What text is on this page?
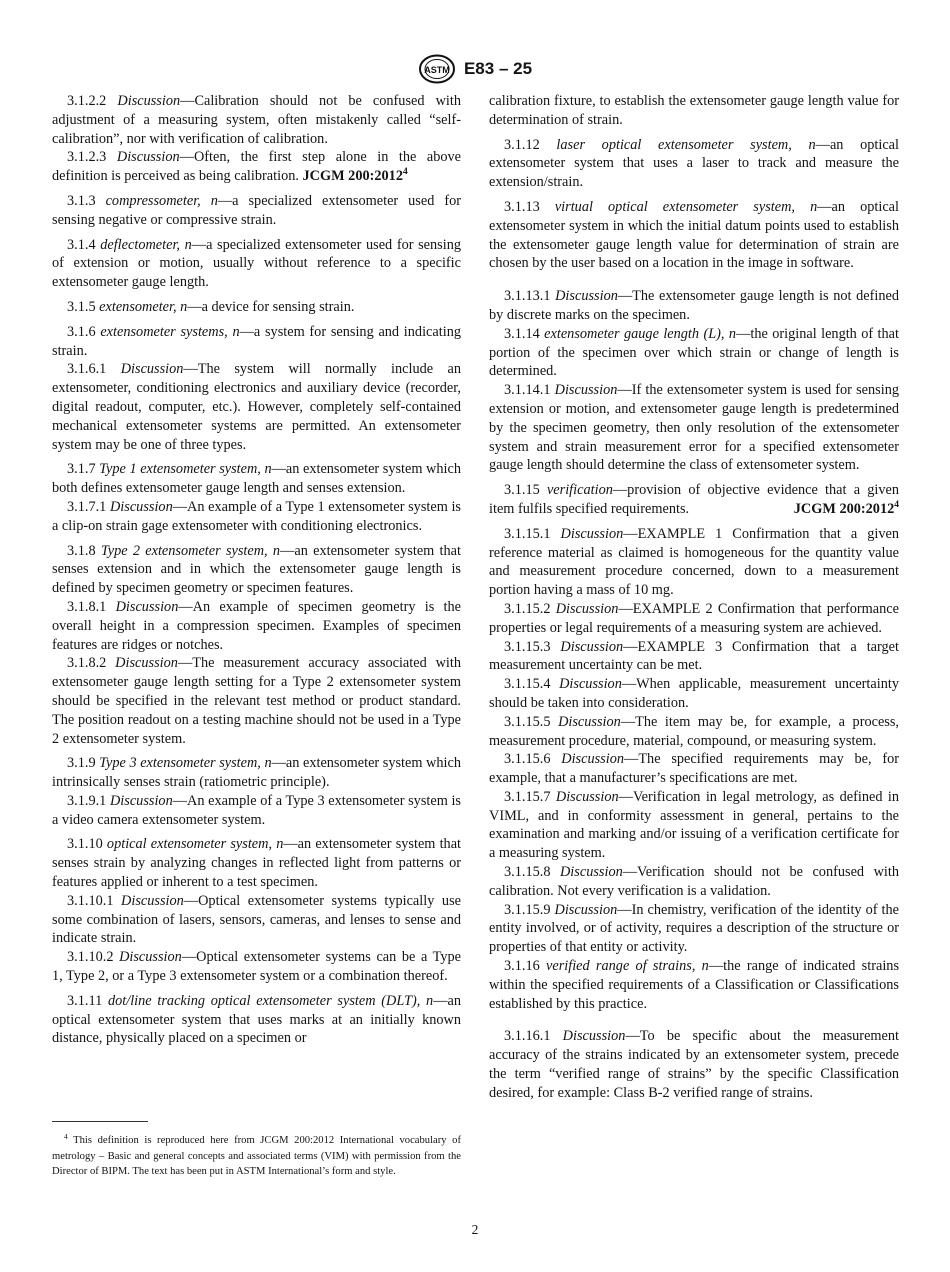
ASTM E83 – 25

3.1.2.2 Discussion—Calibration should not be confused with adjustment of a measuring system, often mistakenly called “self-calibration”, nor with verification of calibration.

3.1.2.3 Discussion—Often, the first step alone in the above definition is perceived as being calibration. JCGM 200:2012$^4$

3.1.3 compressometer, n—a specialized extensometer used for sensing negative or compressive strain.

3.1.4 deflectometer, n—a specialized extensometer used for sensing of extension or motion, usually without reference to a specific extensometer gauge length.

3.1.5 extensometer, n—a device for sensing strain.

3.1.6 extensometer systems, n—a system for sensing and indicating strain.

3.1.6.1 Discussion—The system will normally include an extensometer, conditioning electronics and auxiliary device (recorder, digital readout, computer, etc.). However, completely self-contained mechanical extensometer systems are permitted. An extensometer system may be one of three types.

3.1.7 Type 1 extensometer system, n—an extensometer system which both defines extensometer gauge length and senses extension.

3.1.7.1 Discussion—An example of a Type 1 extensometer system is a clip-on strain gage extensometer with conditioning electronics.

3.1.8 Type 2 extensometer system, n—an extensometer system that senses extension and in which the extensometer gauge length is defined by specimen geometry or specimen features.

3.1.8.1 Discussion—An example of specimen geometry is the overall height in a compression specimen. Examples of specimen features are ridges or notches.

3.1.8.2 Discussion—The measurement accuracy associated with extensometer gauge length setting for a Type 2 extensometer system should be specified in the relevant test method or product standard. The position readout on a testing machine should not be used in a Type 2 extensometer system.

3.1.9 Type 3 extensometer system, n—an extensometer system which intrinsically senses strain (ratiometric principle).

3.1.9.1 Discussion—An example of a Type 3 extensometer system is a video camera extensometer system.

3.1.10 optical extensometer system, n—an extensometer system that senses strain by analyzing changes in reflected light from patterns or features applied or inherent to a test specimen.

3.1.10.1 Discussion—Optical extensometer systems typically use some combination of lasers, sensors, cameras, and lenses to sense and indicate strain.

3.1.10.2 Discussion—Optical extensometer systems can be a Type 1, Type 2, or a Type 3 extensometer system or a combination thereof.

3.1.11 dot/line tracking optical extensometer system (DLT), n—an optical extensometer system that uses marks at an initially known distance, physically placed on a specimen or

calibration fixture, to establish the extensometer gauge length value for determination of strain.

3.1.12 laser optical extensometer system, n—an optical extensometer system that uses a laser to track and measure the extension/strain.

3.1.13 virtual optical extensometer system, n—an optical extensometer system in which the initial datum points used to establish the extensometer gauge length value for determination of strain are chosen by the user based on a location in the image in software.

3.1.13.1 Discussion—The extensometer gauge length is not defined by discrete marks on the specimen.

3.1.14 extensometer gauge length (L), n—the original length of that portion of the specimen over which strain or change of length is determined.

3.1.14.1 Discussion—If the extensometer system is used for sensing extension or motion, and extensometer gauge length is predetermined by the specimen geometry, then only resolution of the extensometer system and strain measurement error for a specified extensometer gauge length should determine the class of extensometer system.

3.1.15 verification—provision of objective evidence that a given item fulfils specified requirements.	JCGM 200:2012$^4$

3.1.15.1 Discussion—EXAMPLE 1 Confirmation that a given reference material as claimed is homogeneous for the quantity value and measurement procedure concerned, down to a measurement portion having a mass of 10 mg.

3.1.15.2 Discussion—EXAMPLE 2 Confirmation that performance properties or legal requirements of a measuring system are achieved.

3.1.15.3 Discussion—EXAMPLE 3 Confirmation that a target measurement uncertainty can be met.

3.1.15.4 Discussion—When applicable, measurement uncertainty should be taken into consideration.

3.1.15.5 Discussion—The item may be, for example, a process, measurement procedure, material, compound, or measuring system.

3.1.15.6 Discussion—The specified requirements may be, for example, that a manufacturer’s specifications are met.

3.1.15.7 Discussion—Verification in legal metrology, as defined in VIML, and in conformity assessment in general, pertains to the examination and marking and/or issuing of a verification certificate for a measuring system.

3.1.15.8 Discussion—Verification should not be confused with calibration. Not every verification is a validation.

3.1.15.9 Discussion—In chemistry, verification of the identity of the entity involved, or of activity, requires a description of the structure or properties of that entity or activity.

3.1.16 verified range of strains, n—the range of indicated strains within the specified requirements of a Classification or Classifications established by this practice.

3.1.16.1 Discussion—To be specific about the measurement accuracy of the strains indicated by an extensometer system, precede the term “verified range of strains” by the specific Classification desired, for example: Class B-2 verified range of strains.

$^4$ This definition is reproduced here from JCGM 200:2012 International vocabulary of metrology – Basic and general concepts and associated terms (VIM) with permission from the Director of BIPM. The text has been put in ASTM International’s form and style.
2
